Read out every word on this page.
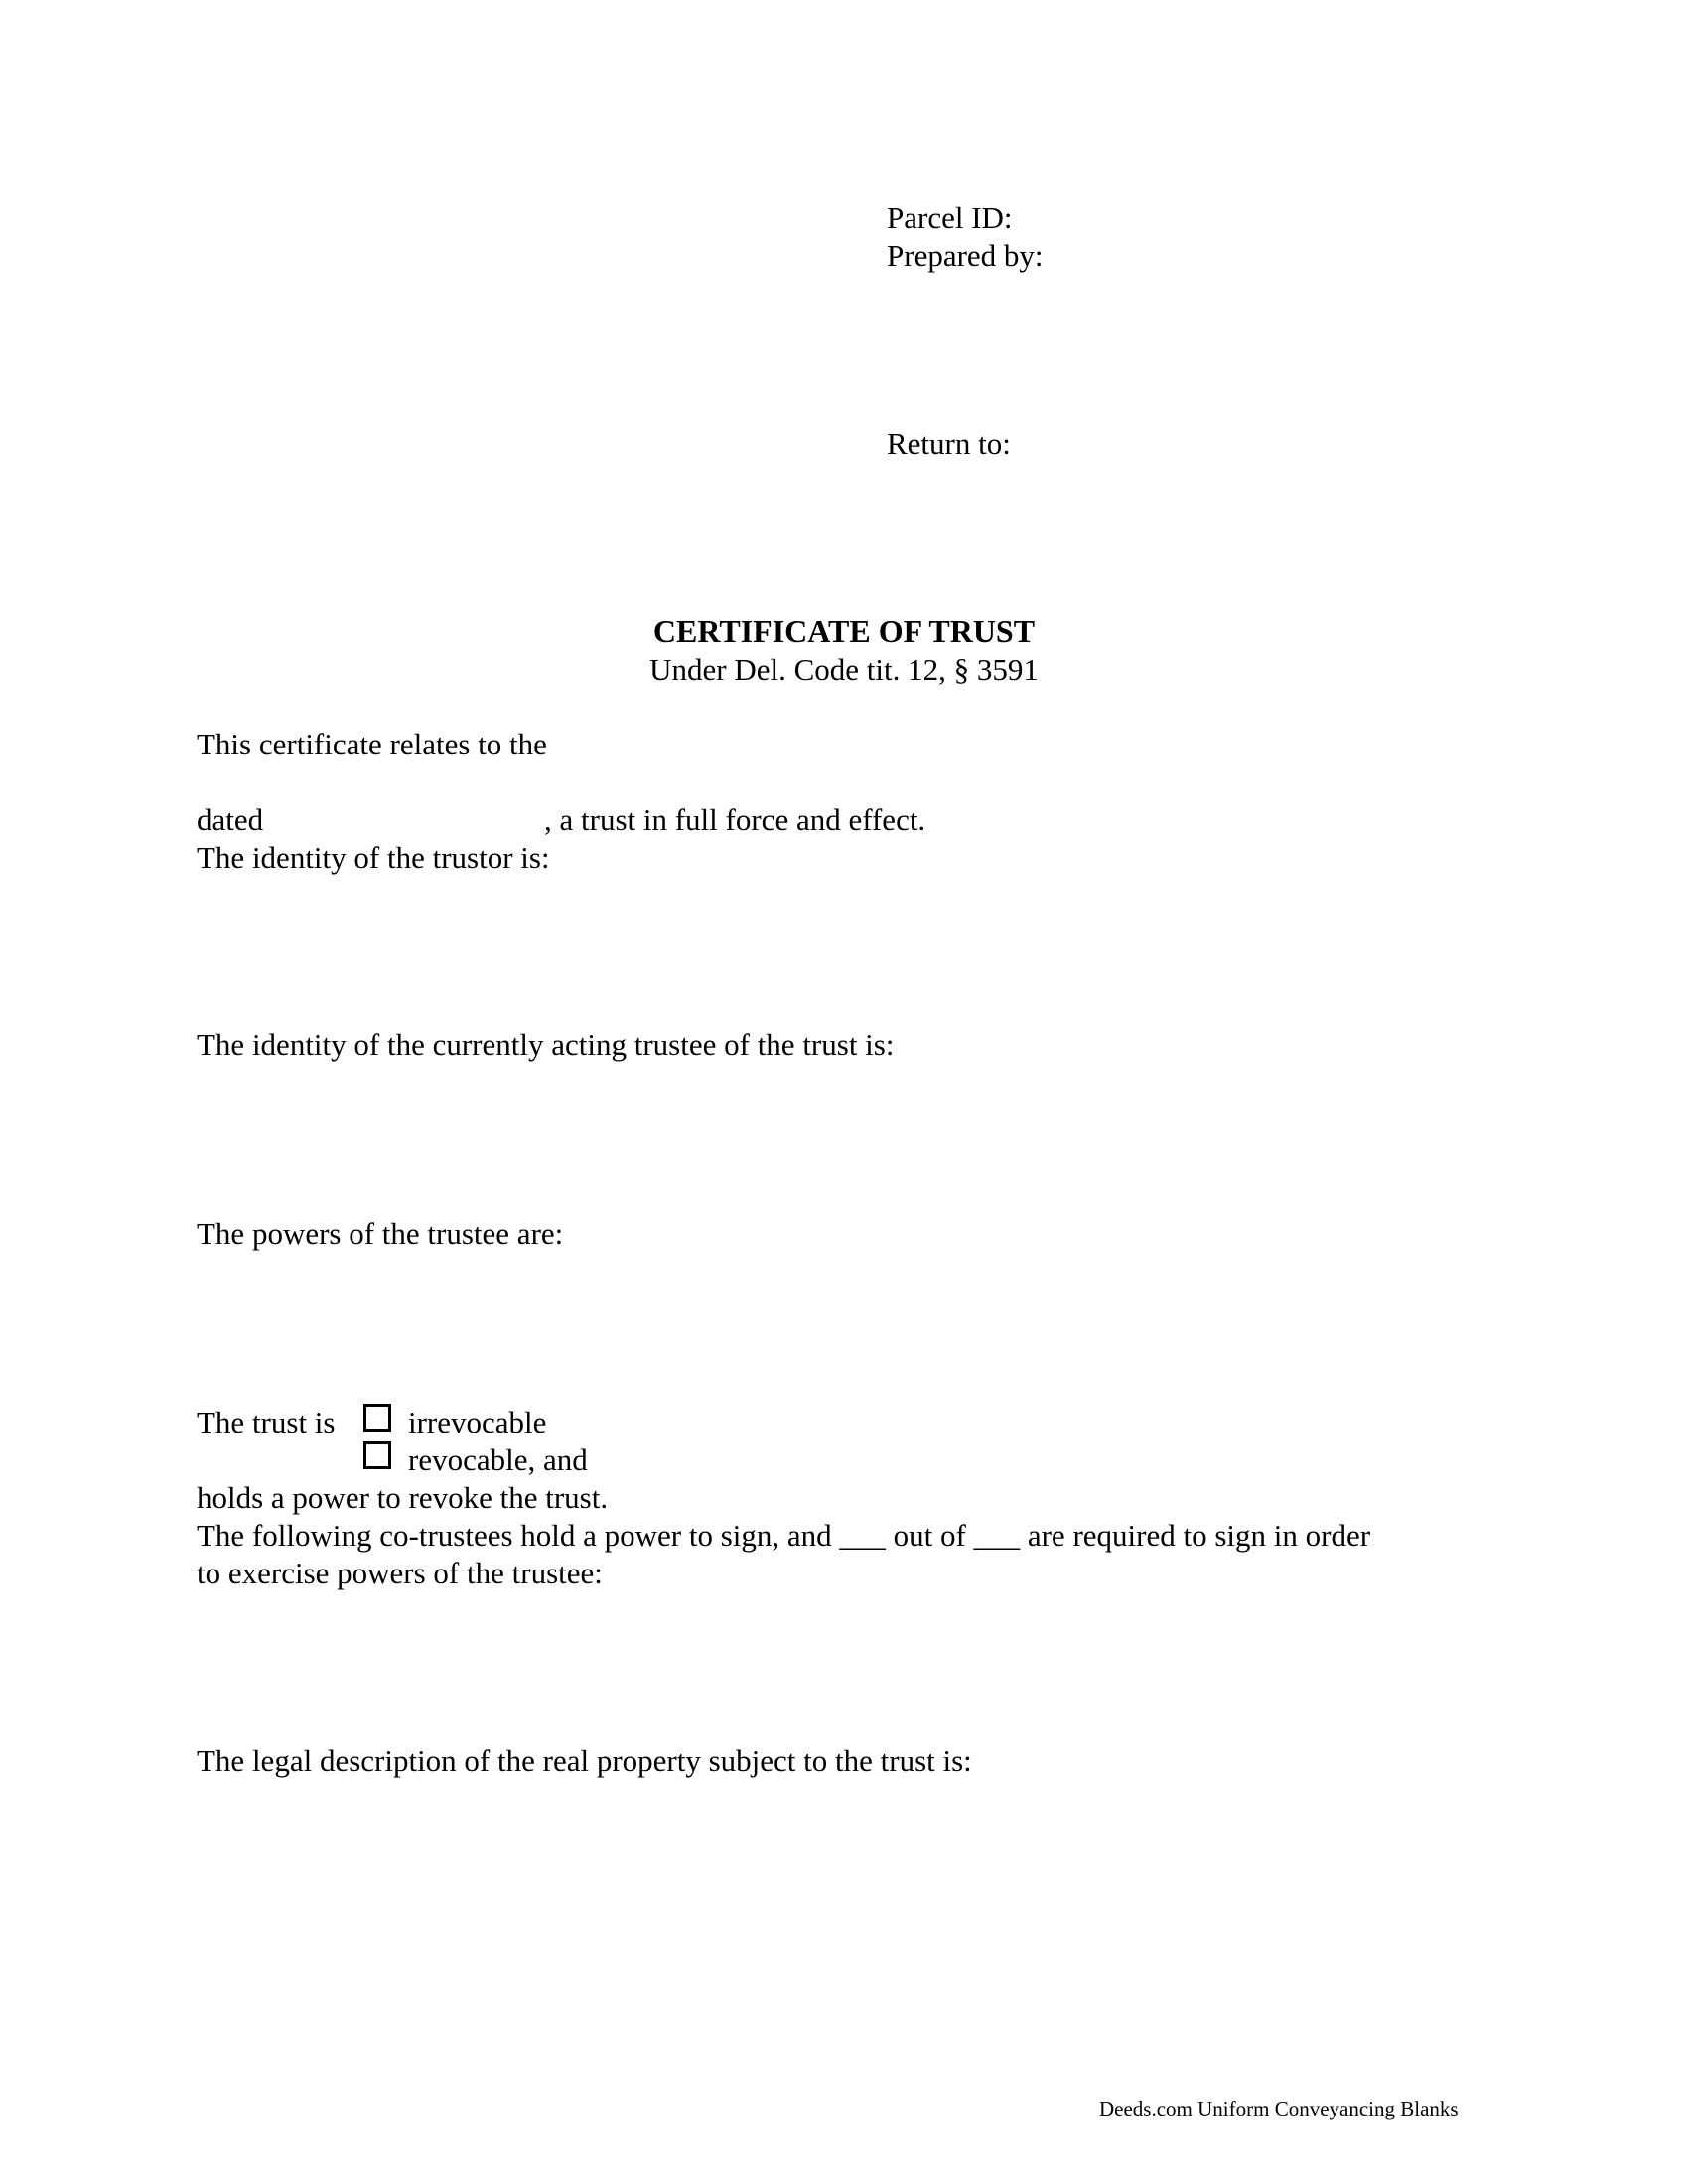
Parcel ID:
Prepared by:
Return to:
CERTIFICATE OF TRUST
Under Del. Code tit. 12, § 3591
This certificate relates to the
dated	, a trust in full force and effect.
The identity of the trustor is:
The identity of the currently acting trustee of the trust is:
The powers of the trustee are:
The trust is irrevocable
revocable, and
holds a power to revoke the trust.
The following co-trustees hold a power to sign, and ___ out of ___ are required to sign in order
to exercise powers of the trustee:
The legal description of the real property subject to the trust is:
Deeds.com Uniform Conveyancing Blanks
